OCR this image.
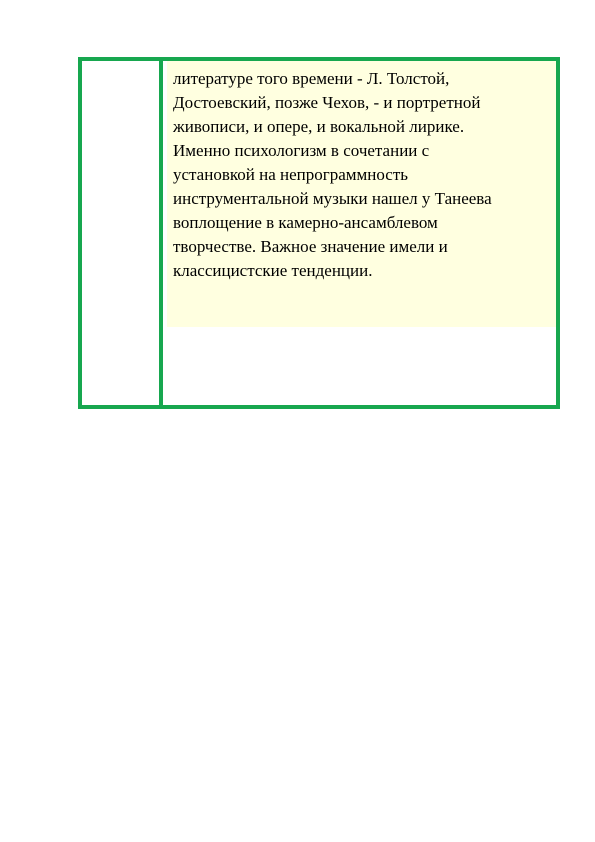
литературе того времени - Л. Толстой,
Достоевский, позже Чехов, - и портретной
живописи, и опере, и вокальной лирике.
Именно психологизм в сочетании с
установкой на непрограммность
инструментальной музыки нашел у Танеева
воплощение в камерно-ансамблевом
творчестве. Важное значение имели и
классицистские тенденции.
